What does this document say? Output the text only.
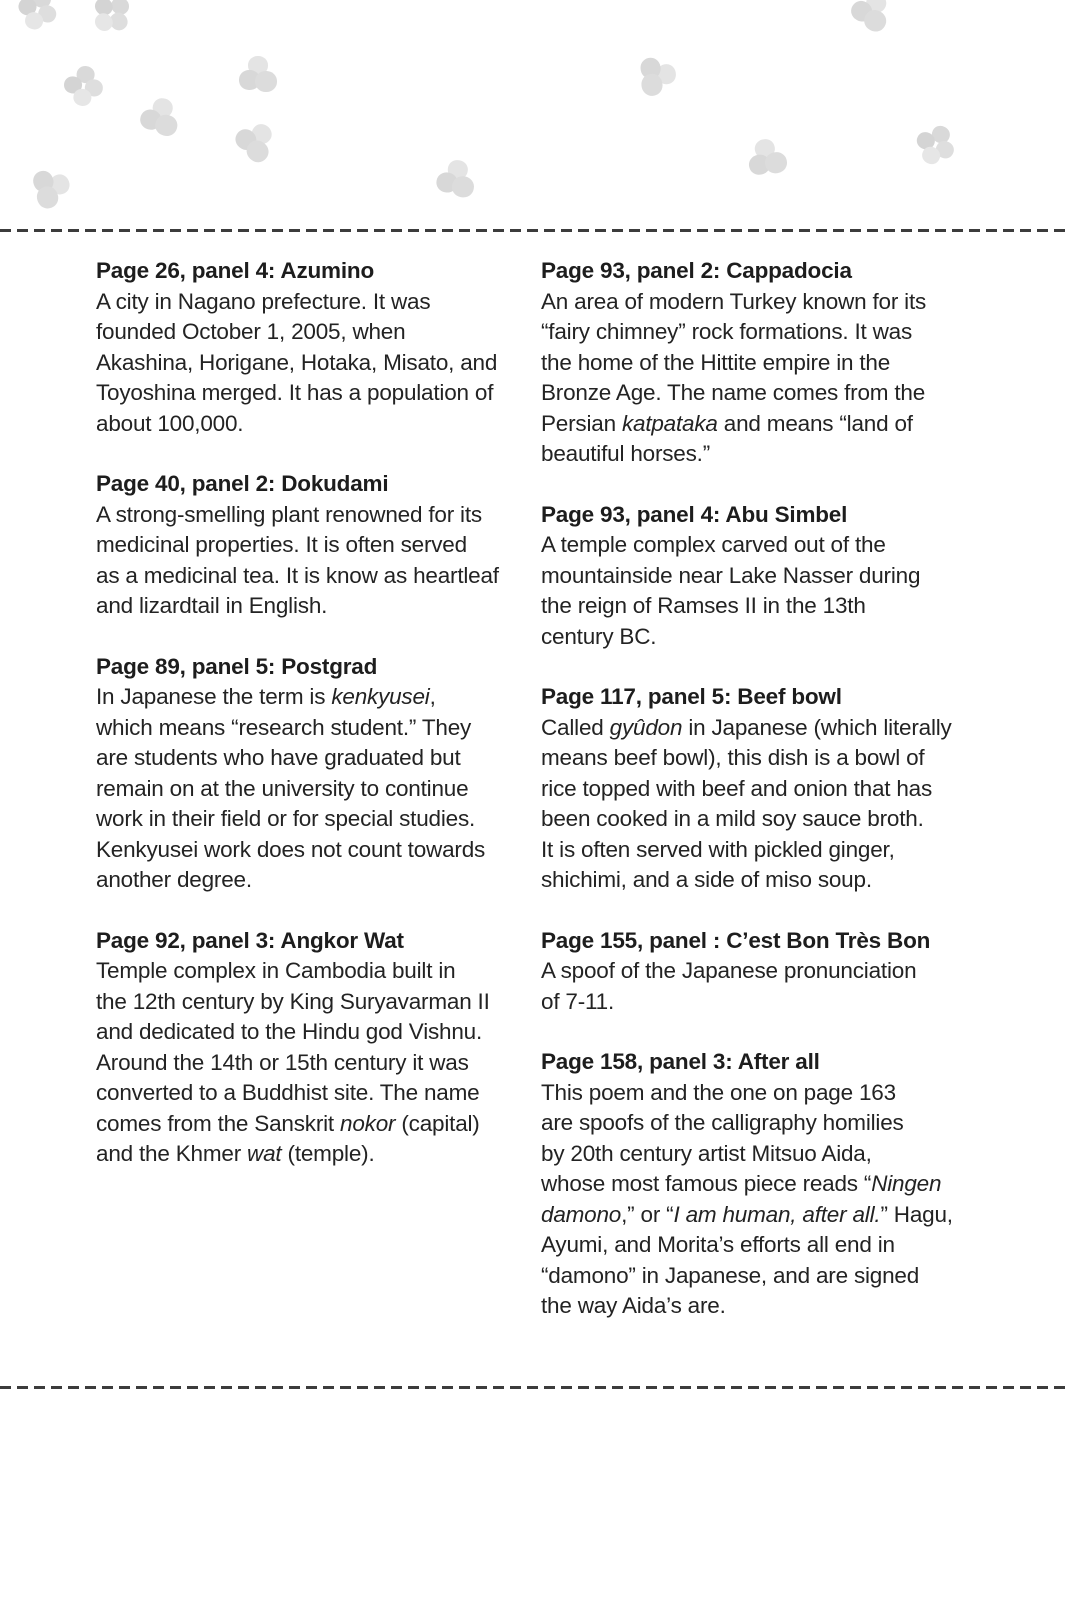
Page 26, panel 4: Azumino

A city in Nagano prefecture. It was
founded October 1, 2005, when
Akashina, Horigane, Hotaka, Misato, and
Toyoshina merged. It has a population of
about 100,000.

Page 40, panel 2: Dokudami

A strong-smelling plant renowned for its
medicinal properties. It is often served
as a medicinal tea. It is know as heartleaf
and lizardtail in English.

Page 89, panel 5: Postgrad

In Japanese the term is kenkyusei,
which means “research student.” They
are students who have graduated but
remain on at the university to continue
work in their field or for special studies.
Kenkyusei work does not count towards
another degree.

Page 92, panel 3: Angkor Wat

Temple complex in Cambodia built in
the 12th century by King Suryavarman II
and dedicated to the Hindu god Vishnu.
Around the 14th or 15th century it was
converted to a Buddhist site. The name
comes from the Sanskrit nokor (capital)
and the Khmer wat (temple).

Page 93, panel 2: Cappadocia

An area of modern Turkey known for its
“fairy chimney” rock formations. It was
the home of the Hittite empire in the
Bronze Age. The name comes from the
Persian katpataka and means “land of
beautiful horses.”

Page 93, panel 4: Abu Simbel

A temple complex carved out of the
mountainside near Lake Nasser during
the reign of Ramses II in the 13th
century BC.

Page 117, panel 5: Beef bowl

Called gyûdon in Japanese (which literally
means beef bowl), this dish is a bowl of
rice topped with beef and onion that has
been cooked in a mild soy sauce broth.
It is often served with pickled ginger,
shichimi, and a side of miso soup.

Page 155, panel : C’est Bon Très Bon

A spoof of the Japanese pronunciation
of 7-11.

Page 158, panel 3: After all

This poem and the one on page 163
are spoofs of the calligraphy homilies
by 20th century artist Mitsuo Aida,
whose most famous piece reads “Ningen
damono,” or “I am human, after all.” Hagu,
Ayumi, and Morita’s efforts all end in
“damono” in Japanese, and are signed
the way Aida’s are.
